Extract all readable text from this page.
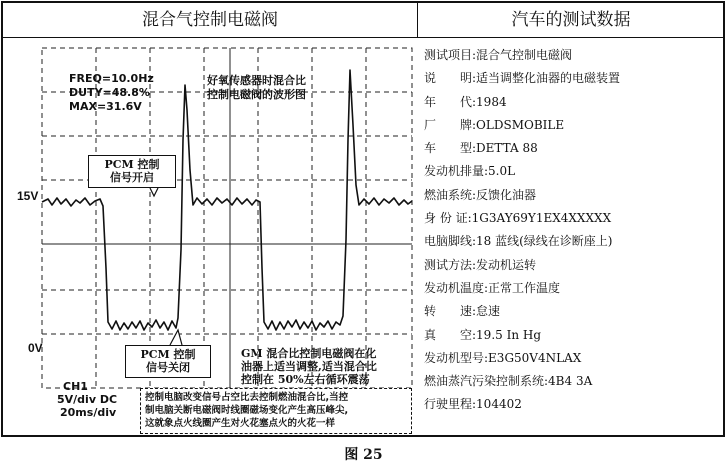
混合气控制电磁阀	汽车的测试数据
FREQ=10.0Hz
DUTY=48.8%
MAX=31.6V
好氧传感器时混合比
控制电磁阀的波形图
15V
0V
PCM 控制
信号开启
PCM 控制
信号关闭
GM 混合比控制电磁阀在化
油器上适当调整,适当混合比
控制在 50%左右循环震荡
CH1
5V/div DC
20ms/div
控制电脑改变信号占空比去控制燃油混合比,当控
制电脑关断电磁阀时线圈磁场变化产生高压峰尖,
这就象点火线圈产生对火花塞点火的火花一样
测试项目:混合气控制电磁阀
说　　明:适当调整化油器的电磁装置
年　　代:1984
厂　　牌:OLDSMOBILE
车　　型:DETTA 88
发动机排量:5.0L
燃油系统:反馈化油器
身 份 证:1G3AY69Y1EX4XXXXX
电脑脚线:18 蓝线(绿线在诊断座上)
测试方法:发动机运转
发动机温度:正常工作温度
转　　速:怠速
真　　空:19.5 In Hg
发动机型号:E3G50V4NLAX
燃油蒸汽污染控制系统:4B4 3A
行驶里程:104402
图 25
